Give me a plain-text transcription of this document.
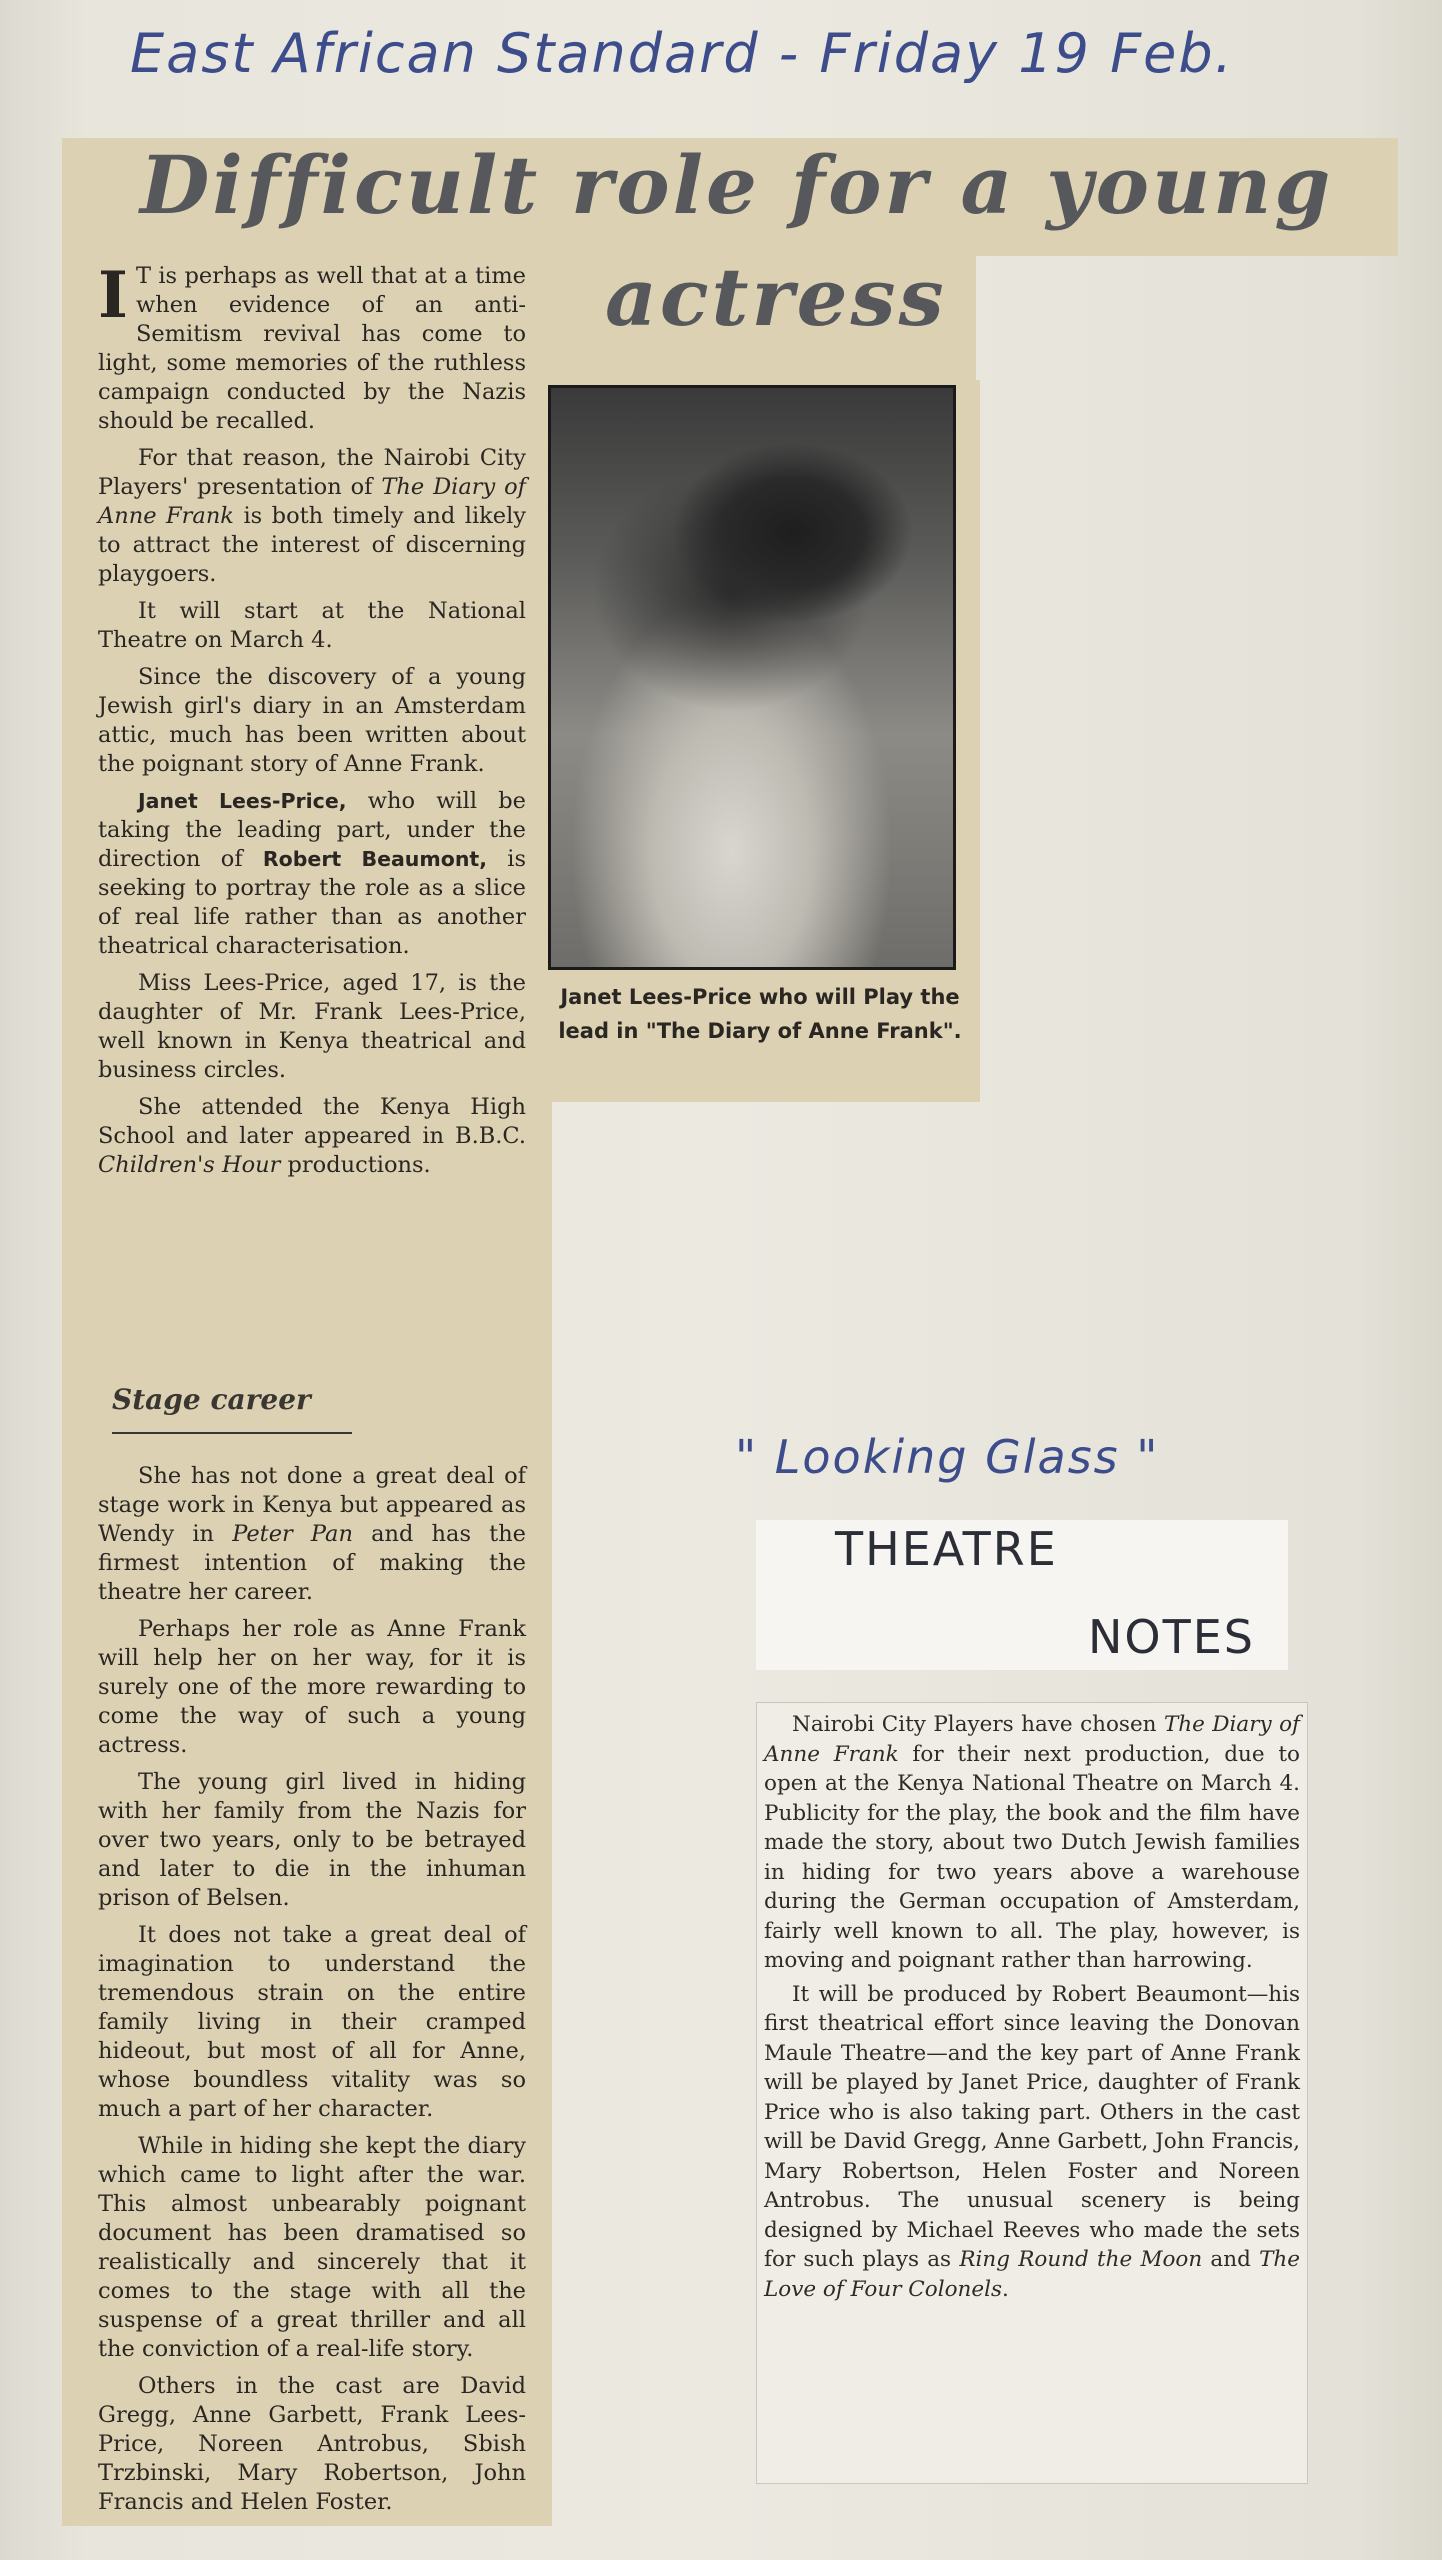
East African Standard - Friday 19 Feb.
Difficult role for a young
actress
Janet Lees-Price who will Play the lead in "The Diary of Anne Frank".

I T is perhaps as well that at a time when evidence of an anti-Semitism revival has come to light, some memories of the ruthless campaign conducted by the Nazis should be recalled.

For that reason, the Nairobi City Players' presentation of The Diary of Anne Frank is both timely and likely to attract the interest of discerning playgoers.

It will start at the National Theatre on March 4.

Since the discovery of a young Jewish girl's diary in an Amsterdam attic, much has been written about the poignant story of Anne Frank.

Janet Lees-Price, who will be taking the leading part, under the direction of Robert Beaumont, is seeking to portray the role as a slice of real life rather than as another theatrical characterisation.

Miss Lees-Price, aged 17, is the daughter of Mr. Frank Lees-Price, well known in Kenya theatrical and business circles.

She attended the Kenya High School and later appeared in B.B.C. Children's Hour productions.

Stage career

She has not done a great deal of stage work in Kenya but appeared as Wendy in Peter Pan and has the firmest intention of making the theatre her career.

Perhaps her role as Anne Frank will help her on her way, for it is surely one of the more rewarding to come the way of such a young actress.

The young girl lived in hiding with her family from the Nazis for over two years, only to be betrayed and later to die in the inhuman prison of Belsen.

It does not take a great deal of imagination to understand the tremendous strain on the entire family living in their cramped hideout, but most of all for Anne, whose boundless vitality was so much a part of her character.

While in hiding she kept the diary which came to light after the war. This almost unbearably poignant document has been dramatised so realistically and sincerely that it comes to the stage with all the suspense of a great thriller and all the conviction of a real-life story.

Others in the cast are David Gregg, Anne Garbett, Frank Lees-Price, Noreen Antrobus, Sbish Trzbinski, Mary Robertson, John Francis and Helen Foster.

" Looking Glass "
THEATRE
NOTES

Nairobi City Players have chosen The Diary of Anne Frank for their next production, due to open at the Kenya National Theatre on March 4. Publicity for the play, the book and the film have made the story, about two Dutch Jewish families in hiding for two years above a warehouse during the German occupation of Amsterdam, fairly well known to all. The play, however, is moving and poignant rather than harrowing.

It will be produced by Robert Beaumont—his first theatrical effort since leaving the Donovan Maule Theatre—and the key part of Anne Frank will be played by Janet Price, daughter of Frank Price who is also taking part. Others in the cast will be David Gregg, Anne Garbett, John Francis, Mary Robertson, Helen Foster and Noreen Antrobus. The unusual scenery is being designed by Michael Reeves who made the sets for such plays as Ring Round the Moon and The Love of Four Colonels.
